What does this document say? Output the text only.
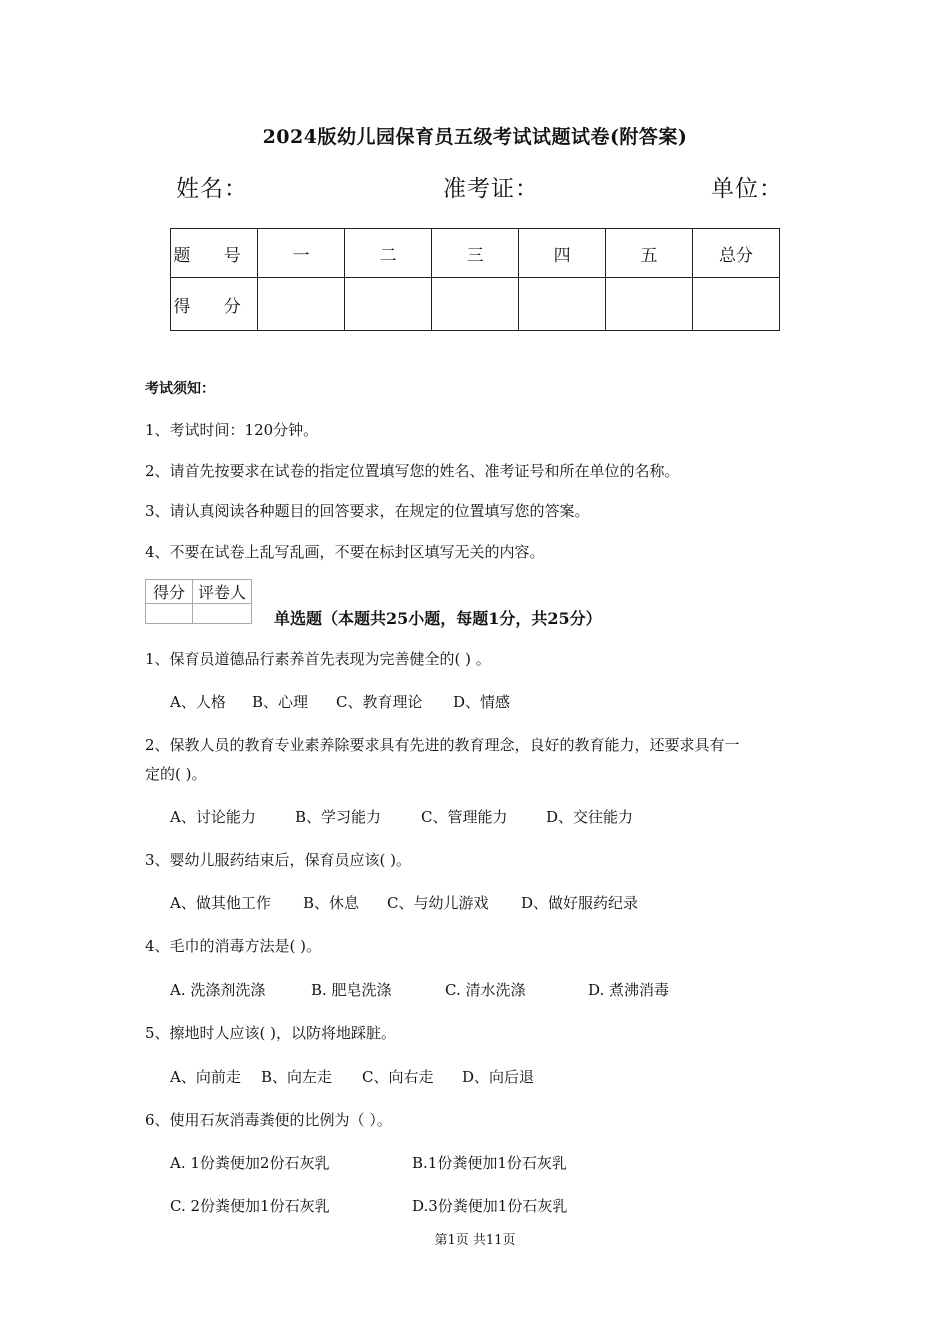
2024版幼儿园保育员五级考试试题试卷(附答案)
姓名：	准考证：	单位：
题 号	一	二	三	四	五	总分
得 分						
考试须知：
1、考试时间：120分钟。
2、请首先按要求在试卷的指定位置填写您的姓名、准考证号和所在单位的名称。
3、请认真阅读各种题目的回答要求，在规定的位置填写您的答案。
4、不要在试卷上乱写乱画，不要在标封区填写无关的内容。
得分	评卷人

单选题（本题共25小题，每题1分，共25分）
1、保育员道德品行素养首先表现为完善健全的( ) 。
A、人格 B、心理 C、教育理论 D、情感
2、保教人员的教育专业素养除要求具有先进的教育理念，良好的教育能力，还要求具有一
定的( )。
A、讨论能力	B、学习能力	C、管理能力	D、交往能力
3、婴幼儿服药结束后，保育员应该( )。
A、做其他工作 B、休息 C、与幼儿游戏 D、做好服药纪录
4、毛巾的消毒方法是( )。
A. 洗涤剂洗涤	B. 肥皂洗涤	C. 清水洗涤	D. 煮沸消毒
5、擦地时人应该( )，以防将地踩脏。
A、向前走 B、向左走 C、向右走 D、向后退
6、使用石灰消毒粪便的比例为（ ）。
A. 1份粪便加2份石灰乳	B.1份粪便加1份石灰乳
C. 2份粪便加1份石灰乳	D.3份粪便加1份石灰乳
第1页 共11页
